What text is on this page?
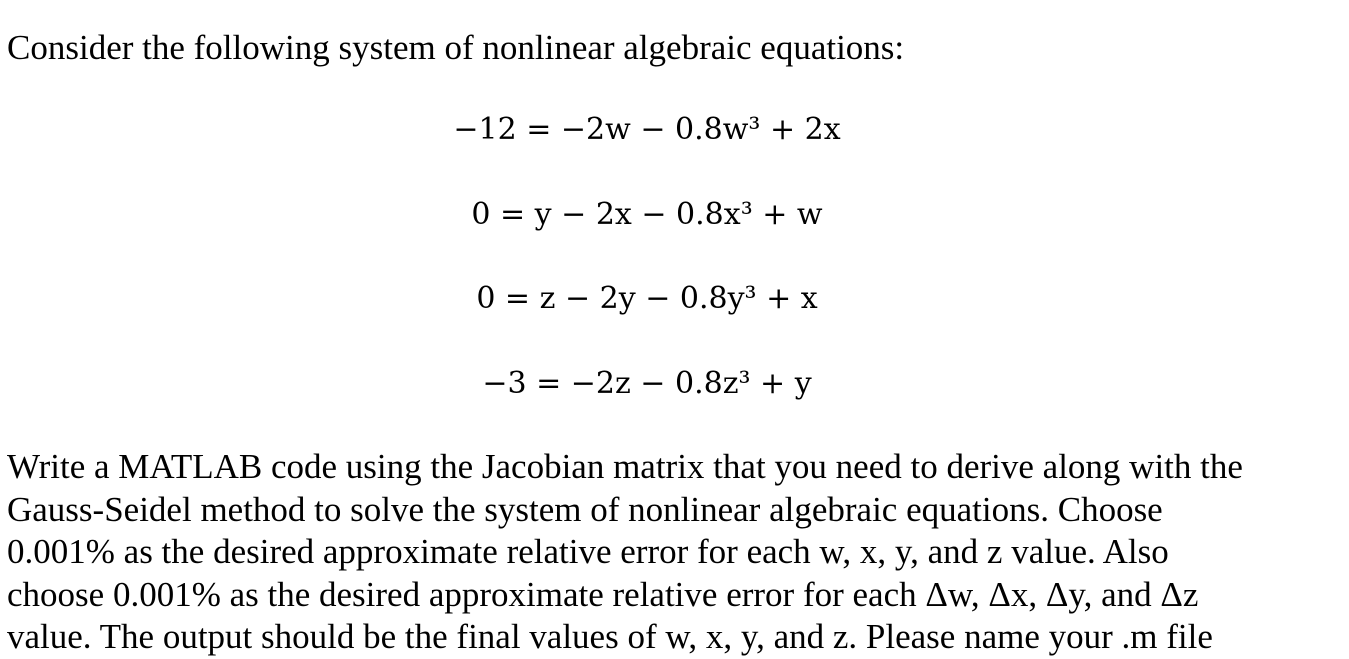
Consider the following system of nonlinear algebraic equations:
−12 = −2w − 0.8w³ + 2x
0 = y − 2x − 0.8x³ + w
0 = z − 2y − 0.8y³ + x
−3 = −2z − 0.8z³ + y
Write a MATLAB code using the Jacobian matrix that you need to derive along with the
Gauss-Seidel method to solve the system of nonlinear algebraic equations. Choose
0.001% as the desired approximate relative error for each w, x, y, and z value. Also
choose 0.001% as the desired approximate relative error for each Δw, Δx, Δy, and Δz
value. The output should be the final values of w, x, y, and z. Please name your .m file
